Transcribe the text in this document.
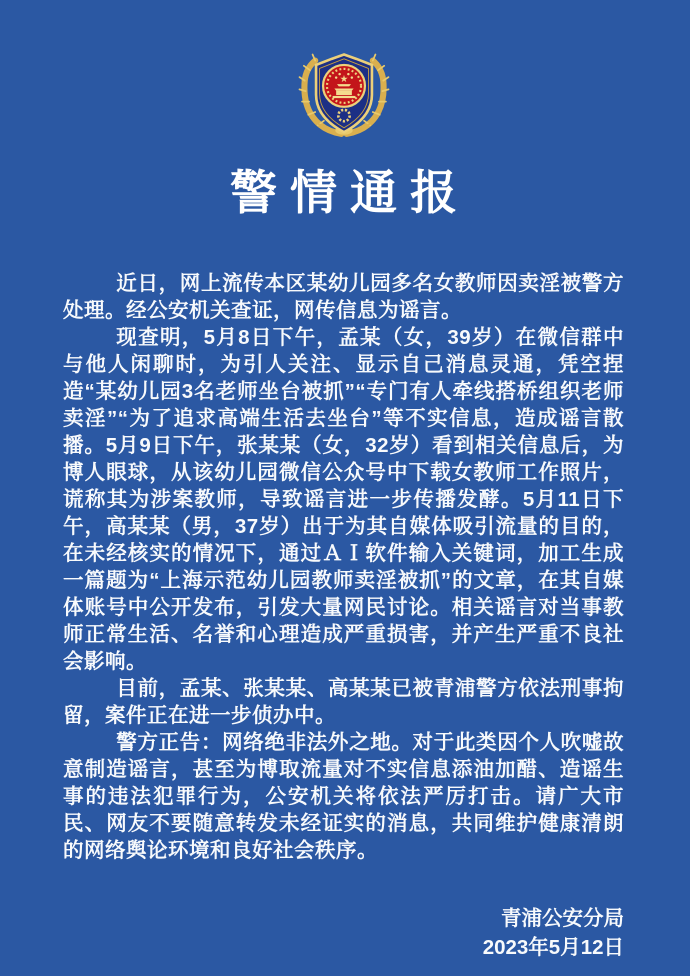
警情通报

近日，网上流传本区某幼儿园多名女教师因卖淫被警方处理。经公安机关查证，网传信息为谣言。

现查明，5月8日下午，孟某（女，39岁）在微信群中与他人闲聊时，为引人关注、显示自己消息灵通，凭空捏造“某幼儿园3名老师坐台被抓”“专门有人牵线搭桥组织老师卖淫”“为了追求高端生活去坐台”等不实信息，造成谣言散播。5月9日下午，张某某（女，32岁）看到相关信息后，为博人眼球，从该幼儿园微信公众号中下载女教师工作照片，谎称其为涉案教师，导致谣言进一步传播发酵。5月11日下午，高某某（男，37岁）出于为其自媒体吸引流量的目的，在未经核实的情况下，通过ＡＩ软件输入关键词，加工生成一篇题为“上海示范幼儿园教师卖淫被抓”的文章，在其自媒体账号中公开发布，引发大量网民讨论。相关谣言对当事教师正常生活、名誉和心理造成严重损害，并产生严重不良社会影响。

目前，孟某、张某某、高某某已被青浦警方依法刑事拘留，案件正在进一步侦办中。

警方正告：网络绝非法外之地。对于此类因个人吹嘘故意制造谣言，甚至为博取流量对不实信息添油加醋、造谣生事的违法犯罪行为，公安机关将依法严厉打击。请广大市民、网友不要随意转发未经证实的消息，共同维护健康清朗的网络舆论环境和良好社会秩序。

青浦公安分局
2023年5月12日
